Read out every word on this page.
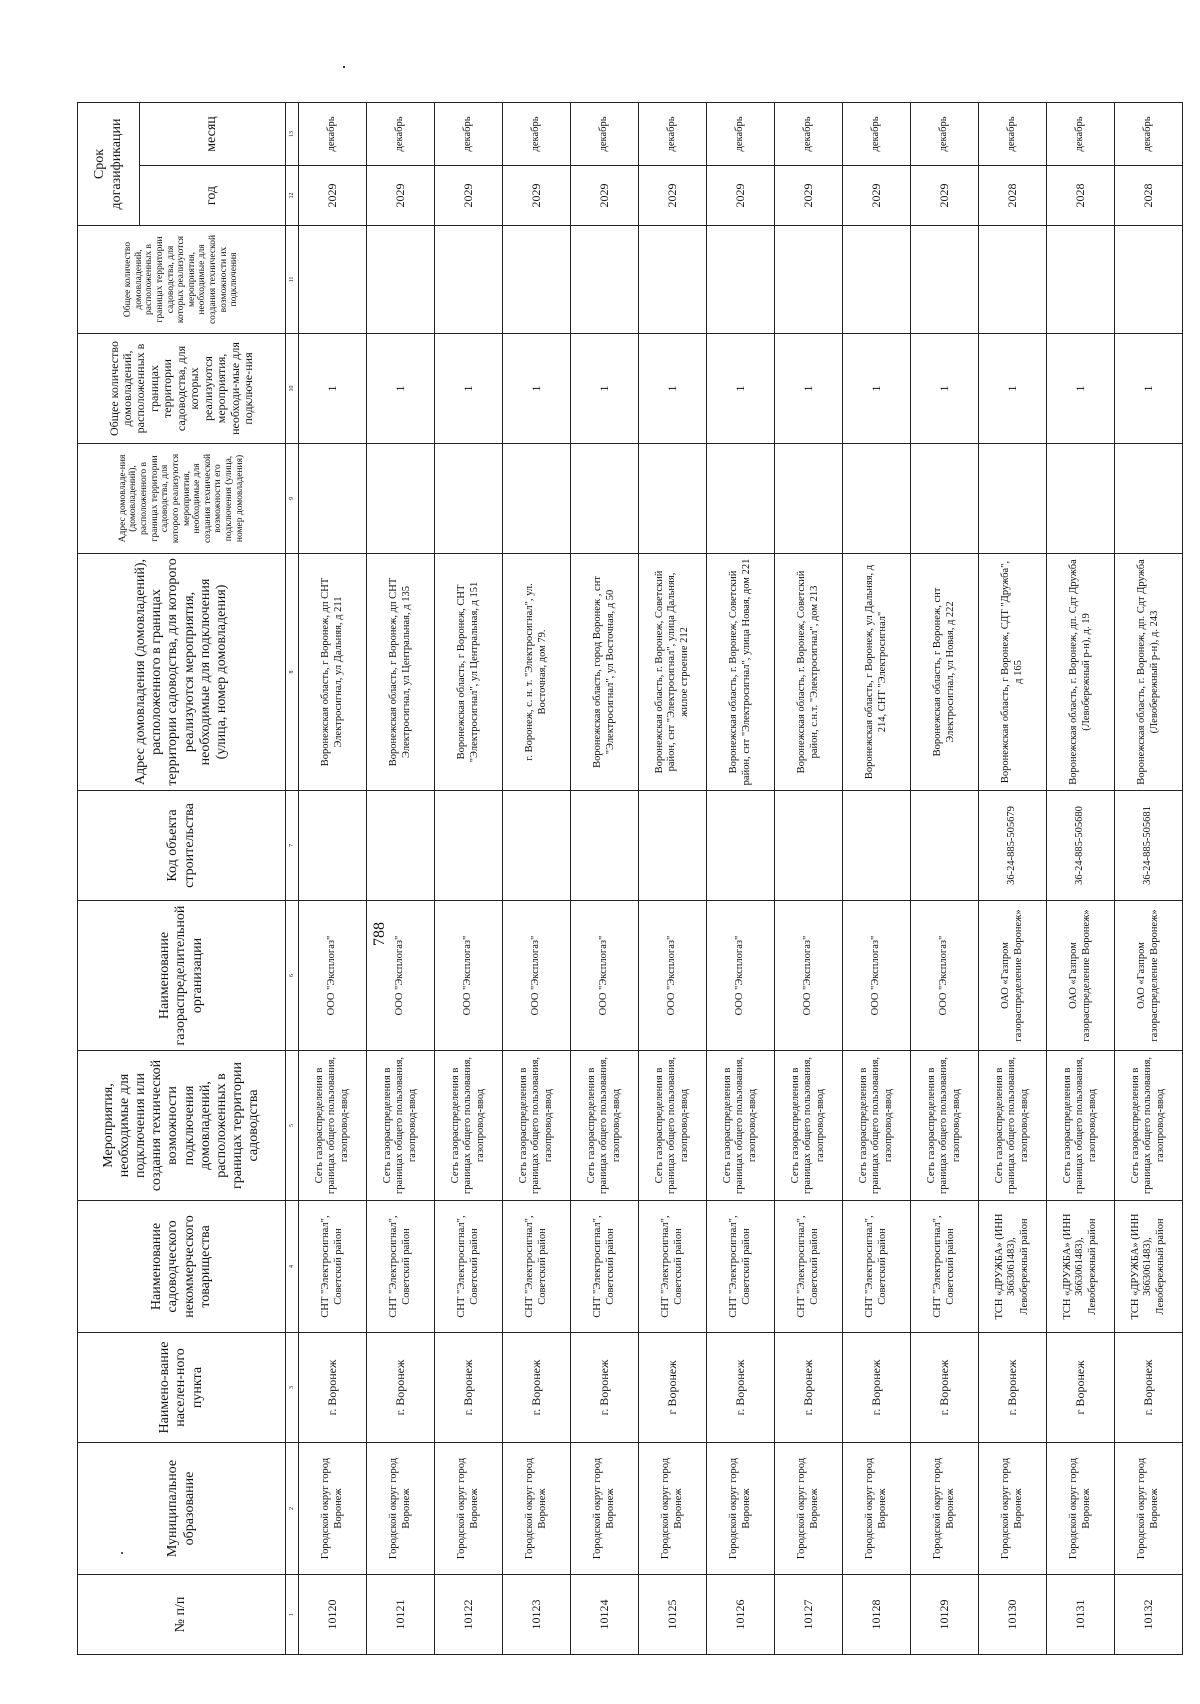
788
№ п/п	Муниципальное образование	Наимено-вание населен-ного пункта	Наименование садоводческого некоммерческого товарищества	Мероприятия, необходимые для подключения или создания технической возможности подключения домовладений, расположенных в границах территории садоводства	Наименование газораспределительной организации	Код объекта строительства	Адрес домовладения (домовладений), расположенного в границах территории садоводства, для которого реализуются мероприятия, необходимые для подключения (улица, номер домовладения)	Адрес домовладе-ния (домовладений), расположенного в границах территории садоводства, для которого реализуются мероприятия, необходимые для создания технической возможности его подключения (улица, номер домовладения)	Общее количество домовладений, расположенных в границах территории садоводства, для которых реализуются мероприятия, необходи-мые для подключе-ния	Общее количество домовладений, расположенных в границах территории садоводства, для которых реализуются мероприятия, необходимые для создания технической возможности их подключения	Срок догазификации	
											год	месяц
1	2	3	4	5	6	7	8	9	10	11	12	13
10120	Городской округ город Воронеж	г. Воронеж	СНТ "Электросигнал", Советский район	Сеть газораспределения в границах общего пользования, газопровод-ввод	ООО "Эксплогаз"		Воронежская область, г Воронеж, дп СНТ Электросигнал, ул Дальняя, д 211		1		2029	декабрь
10121	Городской округ город Воронеж	г. Воронеж	СНТ "Электросигнал", Советский район	Сеть газораспределения в границах общего пользования, газопровод-ввод	ООО "Эксплогаз"		Воронежская область, г Воронеж, дп СНТ Электросигнал, ул Центральная, д 135		1		2029	декабрь
10122	Городской округ город Воронеж	г. Воронеж	СНТ "Электросигнал", Советский район	Сеть газораспределения в границах общего пользования, газопровод-ввод	ООО "Эксплогаз"		Воронежская область, г Воронеж, СНТ "Электросигнал", ул Центральная, д 151		1		2029	декабрь
10123	Городской округ город Воронеж	г. Воронеж	СНТ "Электросигнал", Советский район	Сеть газораспределения в границах общего пользования, газопровод-ввод	ООО "Эксплогаз"		г. Воронеж, с. н. т. "Электросигнал", ул. Восточная, дом 79.		1		2029	декабрь
10124	Городской округ город Воронеж	г. Воронеж	СНТ "Электросигнал", Советский район	Сеть газораспределения в границах общего пользования, газопровод-ввод	ООО "Эксплогаз"		Воронежская область, город Воронеж , снт "Электросигнал", ул Восточная, д 50		1		2029	декабрь
10125	Городской округ город Воронеж	г Воронеж	СНТ "Электросигнал", Советский район	Сеть газораспределения в границах общего пользования, газопровод-ввод	ООО "Эксплогаз"		Воронежская область, г. Воронеж, Советский район, снт "Электросигнал", улица Дальняя, жилое строение 212		1		2029	декабрь
10126	Городской округ город Воронеж	г. Воронеж	СНТ "Электросигнал", Советский район	Сеть газораспределения в границах общего пользования, газопровод-ввод	ООО "Эксплогаз"		Воронежская область, г. Воронеж, Советский район, снт "Электросигнал", улица Новая, дом 221		1		2029	декабрь
10127	Городской округ город Воронеж	г. Воронеж	СНТ "Электросигнал", Советский район	Сеть газораспределения в границах общего пользования, газопровод-ввод	ООО "Эксплогаз"		Воронежская область, г. Воронеж, Советский район, с.н.т. "Электросигнал", дом 213		1		2029	декабрь
10128	Городской округ город Воронеж	г. Воронеж	СНТ "Электросигнал", Советский район	Сеть газораспределения в границах общего пользования, газопровод-ввод	ООО "Эксплогаз"		Воронежская область, г Воронеж, ул Дальняя, д 214, СНТ "Электросигнал"		1		2029	декабрь
10129	Городской округ город Воронеж	г. Воронеж	СНТ "Электросигнал", Советский район	Сеть газораспределения в границах общего пользования, газопровод-ввод	ООО "Эксплогаз"		Воронежская область, г Воронеж, снт Электросигнал, ул Новая, д 222		1		2029	декабрь
10130	Городской округ город Воронеж	г. Воронеж	ТСН «ДРУЖБА» (ИНН 3663061483), Левобережный район	Сеть газораспределения в границах общего пользования, газопровод-ввод	ОАО «Газпром газораспределение Воронеж»	36-24-885-505679	Воронежская область, г Воронеж, СДТ "Дружба", д 165		1		2028	декабрь
10131	Городской округ город Воронеж	г Воронеж	ТСН «ДРУЖБА» (ИНН 3663061483), Левобережный район	Сеть газораспределения в границах общего пользования, газопровод-ввод	ОАО «Газпром газораспределение Воронеж»	36-24-885-505680	Воронежская область, г. Воронеж, дп. Сдт Дружба (Левобережный р-н), д. 19		1		2028	декабрь
10132	Городской округ город Воронеж	г. Воронеж	ТСН «ДРУЖБА» (ИНН 3663061483), Левобережный район	Сеть газораспределения в границах общего пользования, газопровод-ввод	ОАО «Газпром газораспределение Воронеж»	36-24-885-505681	Воронежская область, г. Воронеж, дп. Сдт Дружба (Левобережный р-н), д. 243		1		2028	декабрь
